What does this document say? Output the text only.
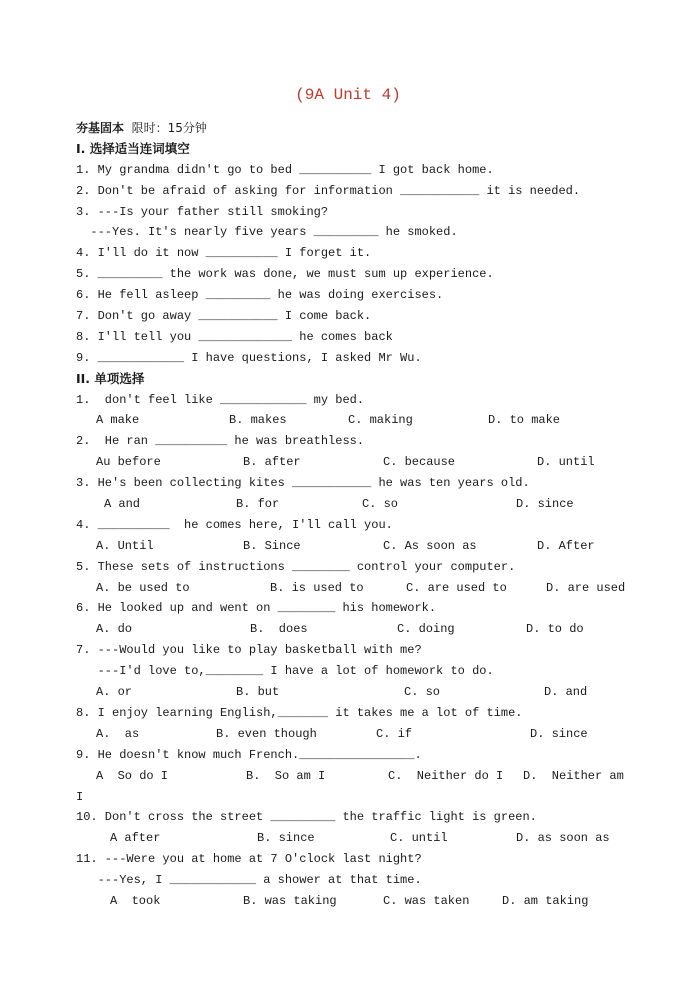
(9A Unit 4)
夯基固本 限时：15分钟
I. 选择适当连词填空
1. My grandma didn't go to bed __________ I got back home.
2. Don't be afraid of asking for information ___________ it is needed.
3. ---Is your father still smoking?
---Yes. It's nearly five years _________ he smoked.
4. I'll do it now __________ I forget it.
5. _________ the work was done, we must sum up experience.
6. He fell asleep _________ he was doing exercises.
7. Don't go away ___________ I come back.
8. I'll tell you _____________ he comes back
9. ____________ I have questions, I asked Mr Wu.
II. 单项选择
1.  don't feel like ____________ my bed.
A make	B. makes	C. making	D. to make
2.  He ran __________ he was breathless.
Au before	B. after	C. because	D. until
3. He's been collecting kites ___________ he was ten years old.
A and	B. for	C. so	D. since
4. __________  he comes here, I'll call you.
A. Until	B. Since	C. As soon as	D. After
5. These sets of instructions ________ control your computer.
A. be used to	B. is used to	C. are used to	D. are used
6. He looked up and went on ________ his homework.
A. do	B.  does	C. doing	D. to do
7. ---Would you like to play basketball with me?
---I'd love to,________ I have a lot of homework to do.
A. or	B. but	C. so	D. and
8. I enjoy learning English,_______ it takes me a lot of time.
A.  as	B. even though	C. if	D. since
9. He doesn't know much French.________________.
A  So do I	B.  So am I	C.  Neither do I D.  Neither am
I
10. Don't cross the street _________ the traffic light is green.
A after	B. since	C. until	D. as soon as
11. ---Were you at home at 7 O'clock last night?
---Yes, I ____________ a shower at that time.
A  took	B. was taking	C. was taken	D. am taking
